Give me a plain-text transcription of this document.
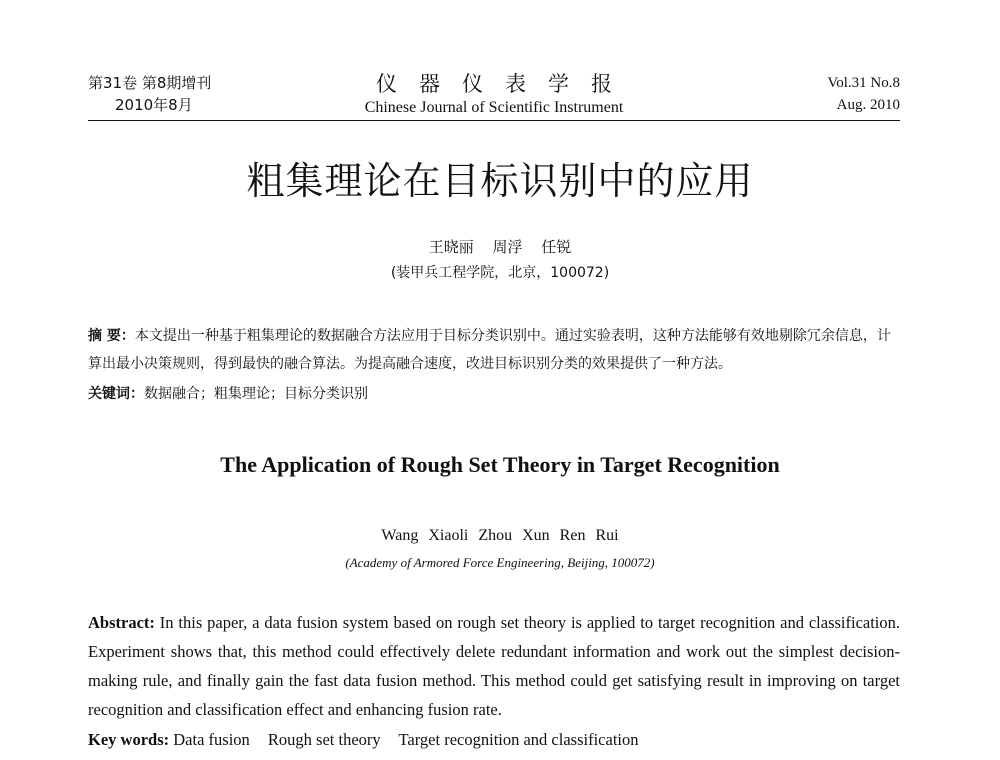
第31卷 第8期增刊
2010年8月
仪器仪表学报
Chinese Journal of Scientific Instrument
Vol.31 No.8
Aug. 2010
粗集理论在目标识别中的应用
王晓丽 周浮 任锐
(装甲兵工程学院，北京，100072)
摘 要：本文提出一种基于粗集理论的数据融合方法应用于目标分类识别中。通过实验表明，这种方法能够有效地剔除冗余信息，计算出最小决策规则，得到最快的融合算法。为提高融合速度，改进目标识别分类的效果提供了一种方法。
关键词：数据融合；粗集理论；目标分类识别
The Application of Rough Set Theory in Target Recognition
Wang Xiaoli Zhou Xun Ren Rui
(Academy of Armored Force Engineering, Beijing, 100072)
Abstract: In this paper, a data fusion system based on rough set theory is applied to target recognition and classification. Experiment shows that, this method could effectively delete redundant information and work out the simplest decision-making rule, and finally gain the fast data fusion method. This method could get satisfying result in improving on target recognition and classification effect and enhancing fusion rate.
Key words: Data fusion Rough set theory Target recognition and classification
